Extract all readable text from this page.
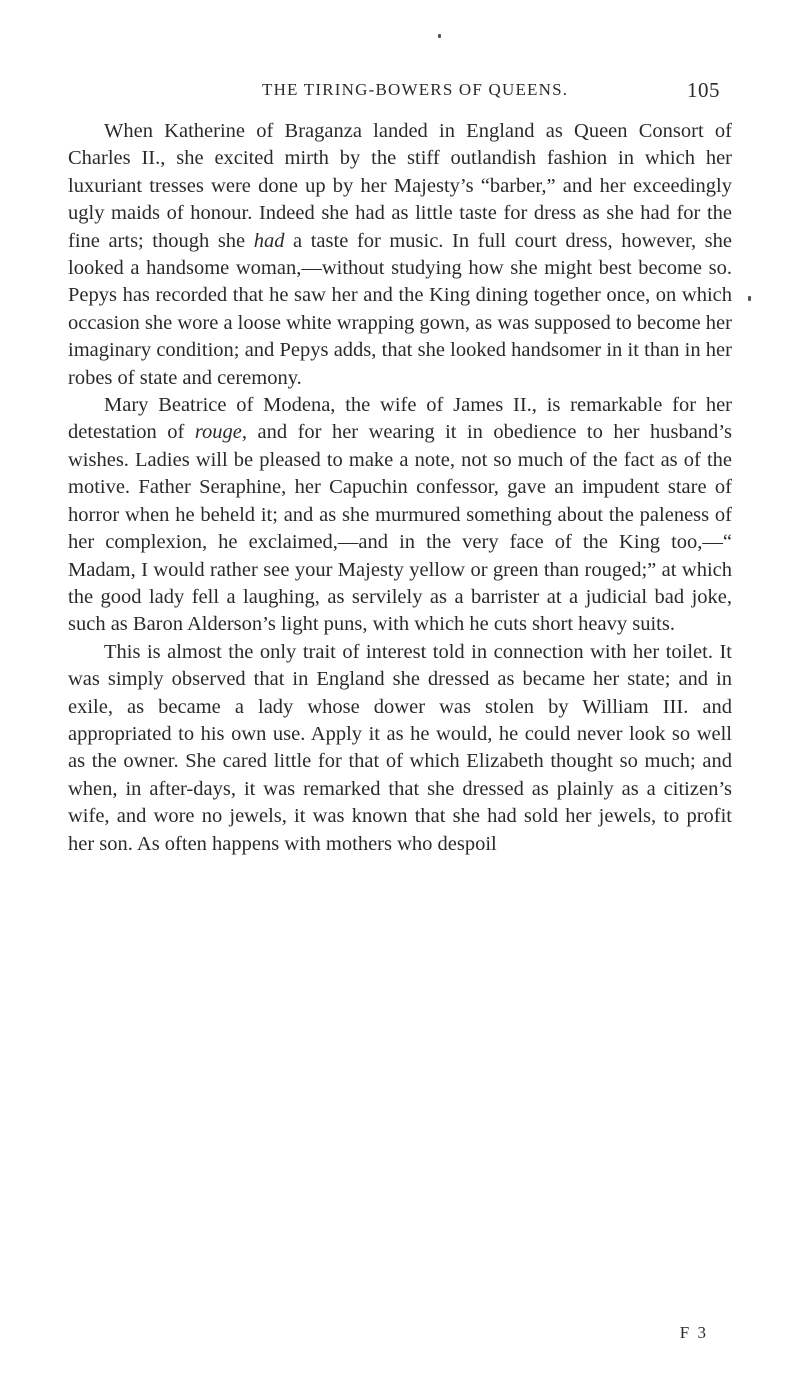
THE TIRING-BOWERS OF QUEENS.	105

When Katherine of Braganza landed in England as Queen Consort of Charles II., she excited mirth by the stiff outlandish fashion in which her luxuriant tresses were done up by her Majesty’s “barber,” and her exceedingly ugly maids of honour. Indeed she had as little taste for dress as she had for the fine arts; though she had a taste for music. In full court dress, however, she looked a handsome woman,—without studying how she might best become so. Pepys has recorded that he saw her and the King dining together once, on which occasion she wore a loose white wrapping gown, as was supposed to become her imaginary condition; and Pepys adds, that she looked handsomer in it than in her robes of state and ceremony.

Mary Beatrice of Modena, the wife of James II., is remarkable for her detestation of rouge, and for her wearing it in obedience to her husband’s wishes. Ladies will be pleased to make a note, not so much of the fact as of the motive. Father Seraphine, her Capuchin confessor, gave an impudent stare of horror when he beheld it; and as she murmured something about the paleness of her complexion, he exclaimed,—and in the very face of the King too,—“ Madam, I would rather see your Majesty yellow or green than rouged;” at which the good lady fell a laughing, as servilely as a barrister at a judicial bad joke, such as Baron Alderson’s light puns, with which he cuts short heavy suits.

This is almost the only trait of interest told in connection with her toilet. It was simply observed that in England she dressed as became her state; and in exile, as became a lady whose dower was stolen by William III. and appropriated to his own use. Apply it as he would, he could never look so well as the owner. She cared little for that of which Elizabeth thought so much; and when, in after-days, it was remarked that she dressed as plainly as a citizen’s wife, and wore no jewels, it was known that she had sold her jewels, to profit her son. As often happens with mothers who despoil

F 3
